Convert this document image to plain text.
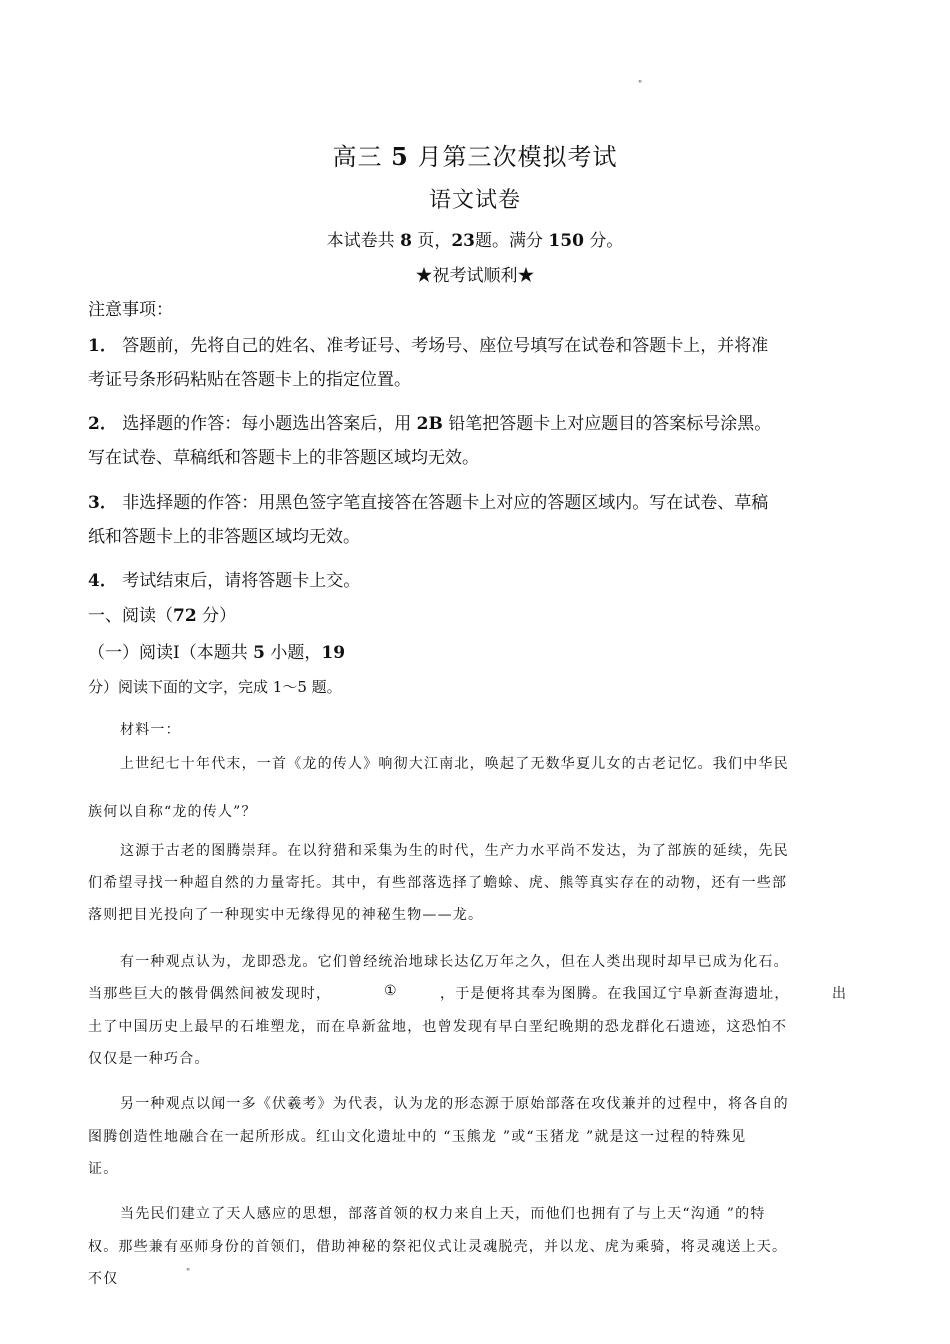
"
高三 5 月第三次模拟考试
语文试卷
本试卷共 8 页，23题。满分 150 分。
★祝考试顺利★
注意事项：
1． 答题前，先将自己的姓名、准考证号、考场号、座位号填写在试卷和答题卡上，并将准
考证号条形码粘贴在答题卡上的指定位置。
2． 选择题的作答：每小题选出答案后，用 2B 铅笔把答题卡上对应题目的答案标号涂黑。
写在试卷、草稿纸和答题卡上的非答题区域均无效。
3． 非选择题的作答：用黑色签字笔直接答在答题卡上对应的答题区域内。写在试卷、草稿
纸和答题卡上的非答题区域均无效。
4． 考试结束后，请将答题卡上交。
一、阅读（72 分）
（一）阅读Ⅰ（本题共 5 小题，19
分）阅读下面的文字，完成 1～5 题。
材料一：
上世纪七十年代末，一首《龙的传人》响彻大江南北，唤起了无数华夏儿女的古老记忆。我们中华民
族何以自称“龙的传人”？
这源于古老的图腾崇拜。在以狩猎和采集为生的时代，生产力水平尚不发达，为了部族的延续，先民
们希望寻找一种超自然的力量寄托。其中，有些部落选择了蟾蜍、虎、熊等真实存在的动物，还有一些部
落则把目光投向了一种现实中无缘得见的神秘生物——龙。
有一种观点认为，龙即恐龙。它们曾经统治地球长达亿万年之久，但在人类出现时却早已成为化石。
当那些巨大的骸骨偶然间被发现时，	①	，于是便将其奉为图腾。在我国辽宁阜新查海遗址，	出
土了中国历史上最早的石堆塑龙，而在阜新盆地，也曾发现有早白垩纪晚期的恐龙群化石遗迹，这恐怕不
仅仅是一种巧合。
另一种观点以闻一多《伏羲考》为代表，认为龙的形态源于原始部落在攻伐兼并的过程中，将各自的
图腾创造性地融合在一起所形成。红山文化遗址中的 “玉熊龙 ”或“玉猪龙 ”就是这一过程的特殊见
证。
当先民们建立了天人感应的思想，部落首领的权力来自上天，而他们也拥有了与上天“沟通 ”的特
权。那些兼有巫师身份的首领们，借助神秘的祭祀仪式让灵魂脱壳，并以龙、虎为乘骑，将灵魂送上天。
不仅	"
